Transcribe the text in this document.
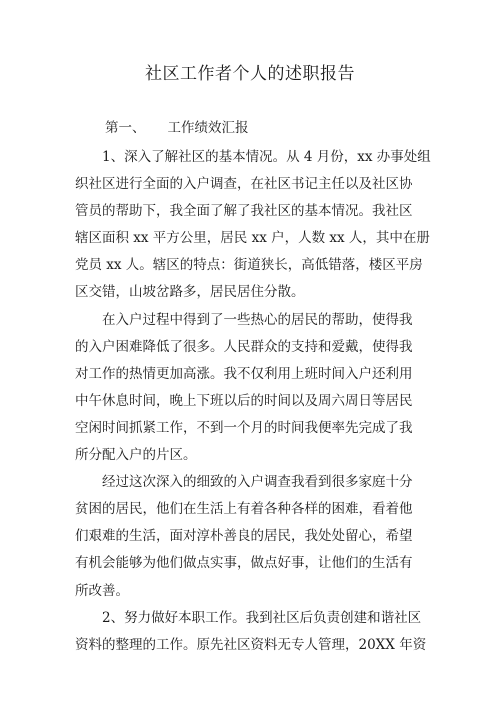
社区工作者个人的述职报告
第一、 工作绩效汇报
1、深入了解社区的基本情况。从 4 月份，xx 办事处组
织社区进行全面的入户调查，在社区书记主任以及社区协
管员的帮助下，我全面了解了我社区的基本情况。我社区
辖区面积 xx 平方公里，居民 xx 户，人数 xx 人，其中在册
党员 xx 人。辖区的特点：街道狭长，高低错落，楼区平房
区交错，山坡岔路多，居民居住分散。
在入户过程中得到了一些热心的居民的帮助，使得我
的入户困难降低了很多。人民群众的支持和爱戴，使得我
对工作的热情更加高涨。我不仅利用上班时间入户还利用
中午休息时间，晚上下班以后的时间以及周六周日等居民
空闲时间抓紧工作，不到一个月的时间我便率先完成了我
所分配入户的片区。
经过这次深入的细致的入户调查我看到很多家庭十分
贫困的居民，他们在生活上有着各种各样的困难，看着他
们艰难的生活，面对淳朴善良的居民，我处处留心，希望
有机会能够为他们做点实事，做点好事，让他们的生活有
所改善。
2、努力做好本职工作。我到社区后负责创建和谐社区
资料的整理的工作。原先社区资料无专人管理，20XX 年资
